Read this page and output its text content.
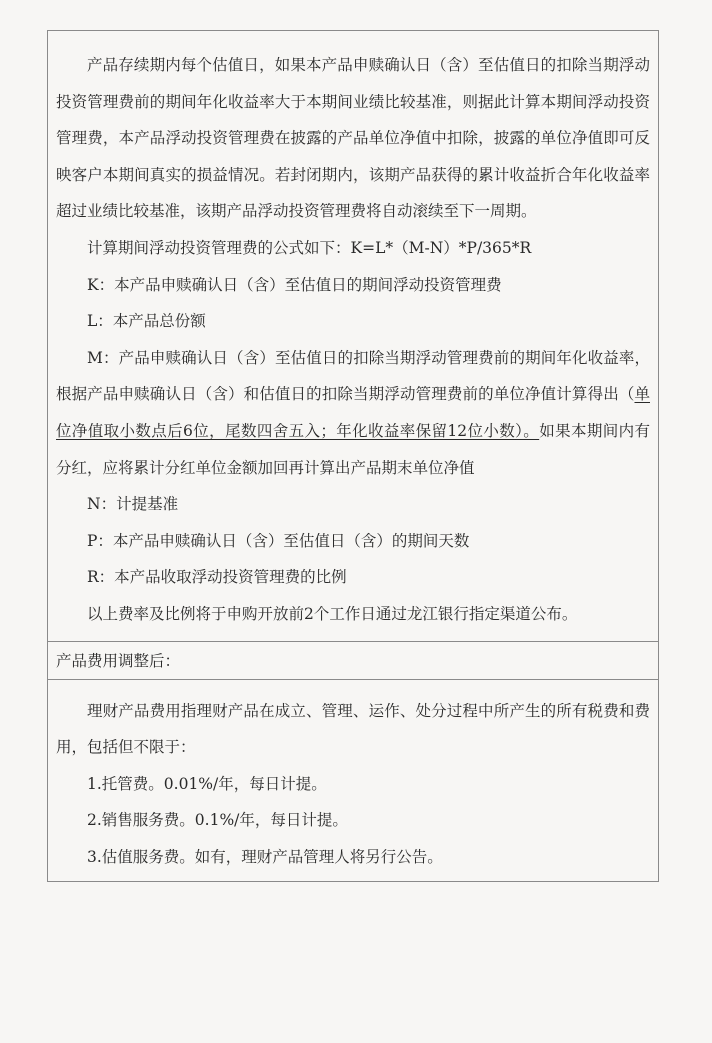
产品存续期内每个估值日，如果本产品申赎确认日（含）至估值日的扣除当期浮动投资管理费前的期间年化收益率大于本期间业绩比较基准，则据此计算本期间浮动投资管理费，本产品浮动投资管理费在披露的产品单位净值中扣除，披露的单位净值即可反映客户本期间真实的损益情况。若封闭期内，该期产品获得的累计收益折合年化收益率超过业绩比较基准，该期产品浮动投资管理费将自动滚续至下一周期。

计算期间浮动投资管理费的公式如下：K=L*（M-N）*P/365*R

K：本产品申赎确认日（含）至估值日的期间浮动投资管理费

L：本产品总份额

M：产品申赎确认日（含）至估值日的扣除当期浮动管理费前的期间年化收益率，根据产品申赎确认日（含）和估值日的扣除当期浮动管理费前的单位净值计算得出（单位净值取小数点后6位，尾数四舍五入；年化收益率保留12位小数）。如果本期间内有分红，应将累计分红单位金额加回再计算出产品期末单位净值

N：计提基准

P：本产品申赎确认日（含）至估值日（含）的期间天数

R：本产品收取浮动投资管理费的比例

以上费率及比例将于申购开放前2个工作日通过龙江银行指定渠道公布。

产品费用调整后：

理财产品费用指理财产品在成立、管理、运作、处分过程中所产生的所有税费和费用，包括但不限于：

1.托管费。0.01%/年，每日计提。

2.销售服务费。0.1%/年，每日计提。

3.估值服务费。如有，理财产品管理人将另行公告。
